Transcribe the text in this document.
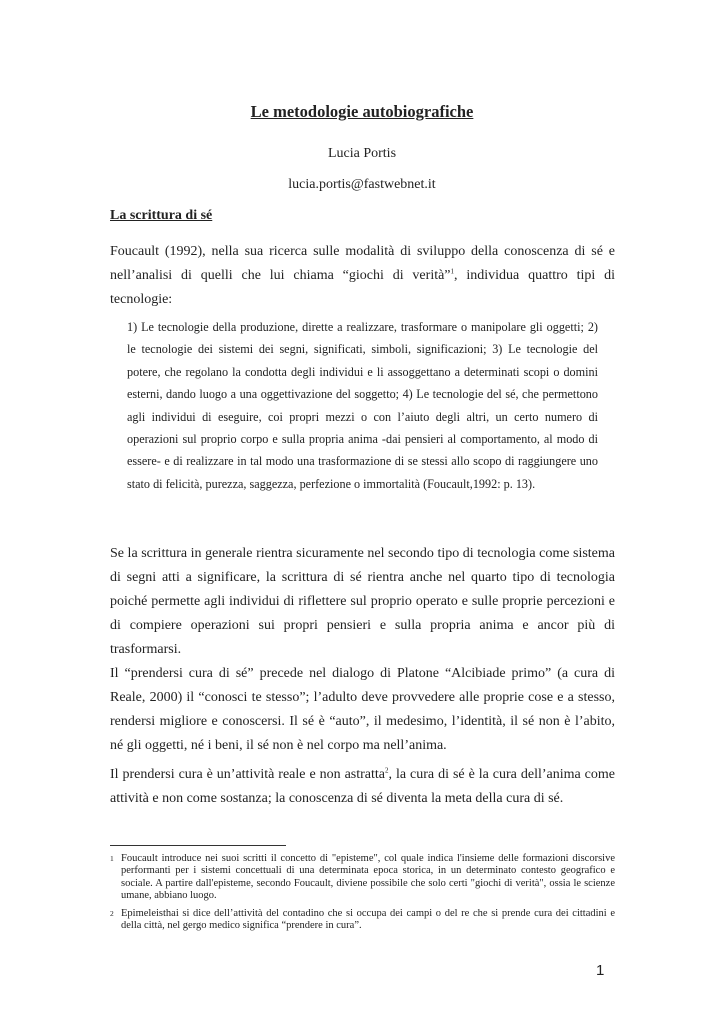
Le metodologie autobiografiche
Lucia Portis
lucia.portis@fastwebnet.it
La scrittura di sé

Foucault (1992), nella sua ricerca sulle modalità di sviluppo della conoscenza di sé e nell’analisi di quelli che lui chiama “giochi di verità”$^1$, individua quattro tipi di tecnologie:

1) Le tecnologie della produzione, dirette a realizzare, trasformare o manipolare gli oggetti; 2) le tecnologie dei sistemi dei segni, significati, simboli, significazioni; 3) Le tecnologie del potere, che regolano la condotta degli individui e li assoggettano a determinati scopi o domini esterni, dando luogo a una oggettivazione del soggetto; 4) Le tecnologie del sé, che permettono agli individui di eseguire, coi propri mezzi o con l’aiuto degli altri, un certo numero di operazioni sul proprio corpo e sulla propria anima -dai pensieri al comportamento, al modo di essere- e di realizzare in tal modo una trasformazione di se stessi allo scopo di raggiungere uno stato di felicità, purezza, saggezza, perfezione o immortalità (Foucault,1992: p. 13).

Se la scrittura in generale rientra sicuramente nel secondo tipo di tecnologia come sistema di segni atti a significare, la scrittura di sé rientra anche nel quarto tipo di tecnologia poiché permette agli individui di riflettere sul proprio operato e sulle proprie percezioni e di compiere operazioni sui propri pensieri e sulla propria anima e ancor più di trasformarsi.

Il “prendersi cura di sé” precede nel dialogo di Platone “Alcibiade primo” (a cura di Reale, 2000) il “conosci te stesso”; l’adulto deve provvedere alle proprie cose e a stesso, rendersi migliore e conoscersi. Il sé è “auto”, il medesimo, l’identità, il sé non è l’abito, né gli oggetti, né i beni, il sé non è nel corpo ma nell’anima.

Il prendersi cura è un’attività reale e non astratta$^2$, la cura di sé è la cura dell’anima come attività e non come sostanza; la conoscenza di sé diventa la meta della cura di sé.

1 Foucault introduce nei suoi scritti il concetto di "episteme", col quale indica l'insieme delle formazioni discorsive performanti per i sistemi concettuali di una determinata epoca storica, in un determinato contesto geografico e sociale. A partire dall'episteme, secondo Foucault, diviene possibile che solo certi "giochi di verità", ossia le scienze umane, abbiano luogo.

2 Epimeleisthai si dice dell’attività del contadino che si occupa dei campi o del re che si prende cura dei cittadini e della città, nel gergo medico significa “prendere in cura”.

1
